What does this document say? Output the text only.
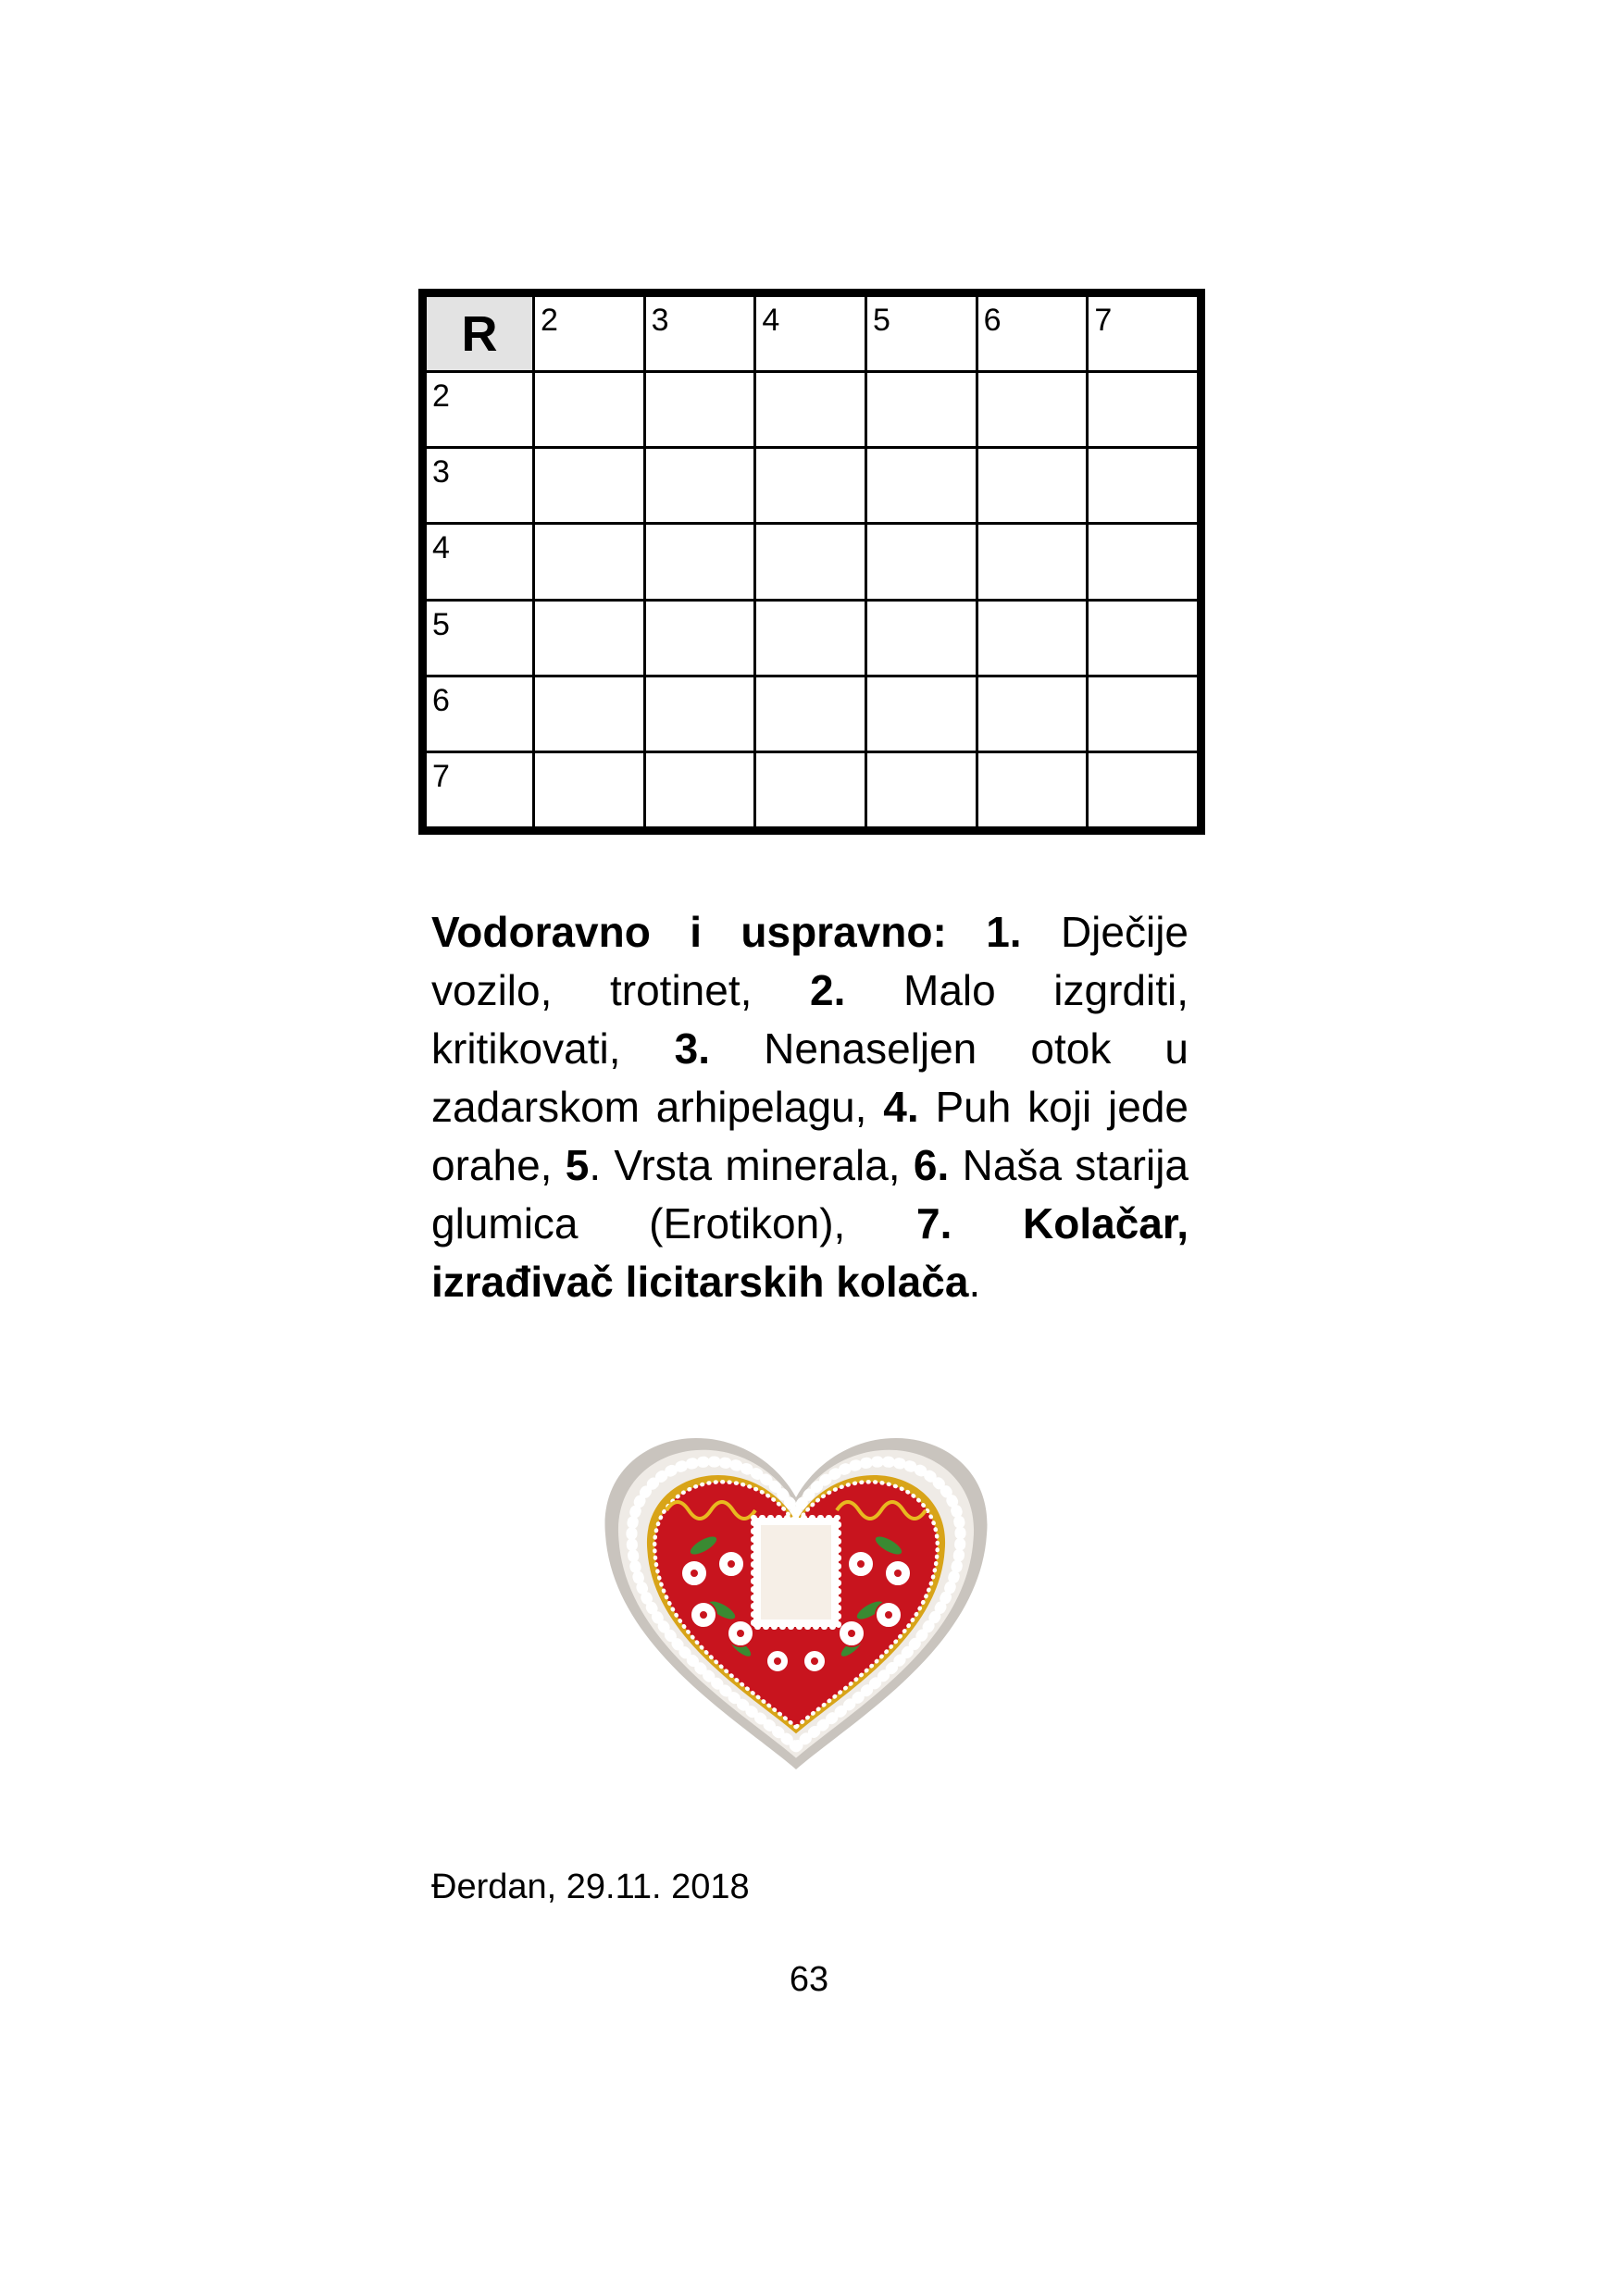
R 2	3	4	5	6	7
2
3
4
5
6
7

Vodoravno i uspravno: 1. Dječije vozilo, trotinet, 2. Malo izgrditi, kritikovati, 3. Nenaseljen otok u zadarskom arhipelagu, 4. Puh koji jede orahe, 5. Vrsta minerala, 6. Naša starija glumica (Erotikon), 7. Kolačar, izrađivač licitarskih kolača.

Đerdan, 29.11. 2018

63
